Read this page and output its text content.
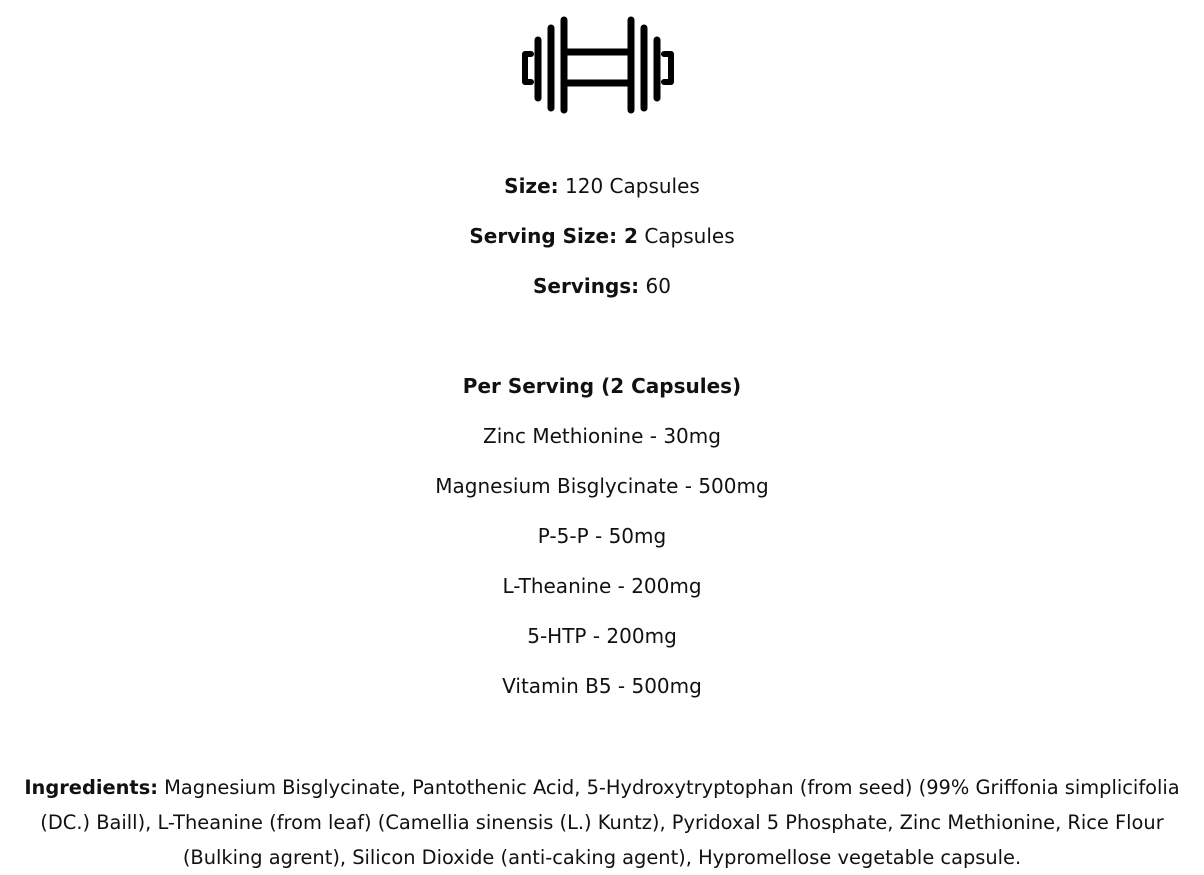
Size: 120 Capsules
Serving Size: 2 Capsules
Servings: 60
Per Serving (2 Capsules)
Zinc Methionine - 30mg
Magnesium Bisglycinate - 500mg
P-5-P - 50mg
L-Theanine - 200mg
5-HTP - 200mg
Vitamin B5 - 500mg
Ingredients: Magnesium Bisglycinate, Pantothenic Acid, 5-Hydroxytryptophan (from seed) (99% Griffonia simplicifolia (DC.) Baill), L-Theanine (from leaf) (Camellia sinensis (L.) Kuntz), Pyridoxal 5 Phosphate, Zinc Methionine, Rice Flour (Bulking agrent), Silicon Dioxide (anti-caking agent), Hypromellose vegetable capsule.
